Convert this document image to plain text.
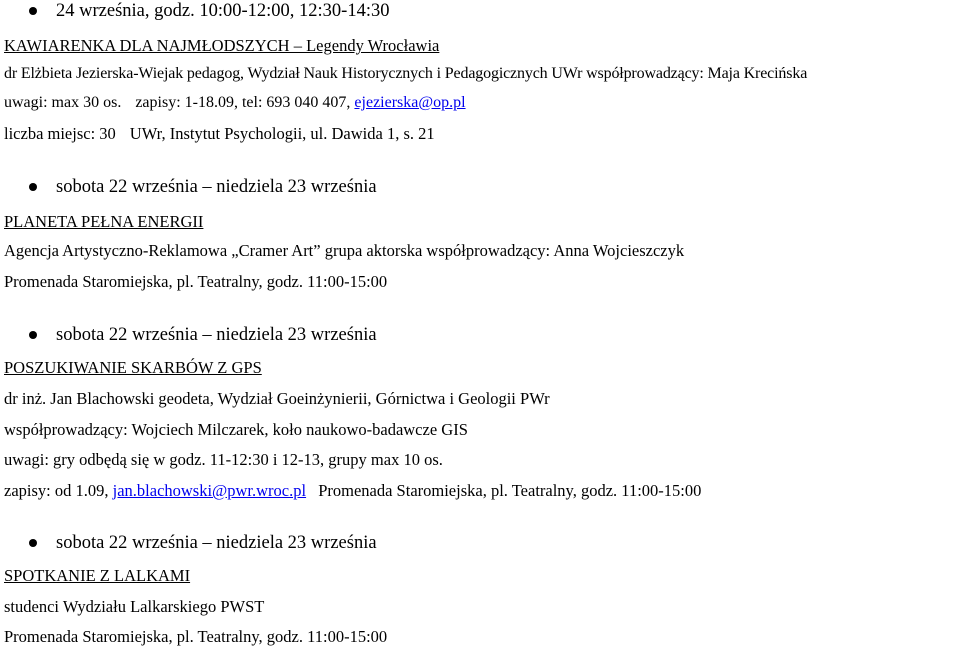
24 września, godz. 10:00-12:00, 12:30-14:30
KAWIARENKA DLA NAJMŁODSZYCH – Legendy Wrocławia
dr Elżbieta Jezierska-Wiejak pedagog, Wydział Nauk Historycznych i Pedagogicznych UWr współprowadzący: Maja Krecińska
uwagi: max 30 os. zapisy: 1-18.09, tel: 693 040 407, ejezierska@op.pl
liczba miejsc: 30 UWr, Instytut Psychologii, ul. Dawida 1, s. 21
sobota 22 września – niedziela 23 września
PLANETA PEŁNA ENERGII
Agencja Artystyczno-Reklamowa „Cramer Art” grupa aktorska współprowadzący: Anna Wojcieszczyk
Promenada Staromiejska, pl. Teatralny, godz. 11:00-15:00
sobota 22 września – niedziela 23 września
POSZUKIWANIE SKARBÓW Z GPS
dr inż. Jan Blachowski geodeta, Wydział Goeinżynierii, Górnictwa i Geologii PWr
współprowadzący: Wojciech Milczarek, koło naukowo-badawcze GIS
uwagi: gry odbędą się w godz. 11-12:30 i 12-13, grupy max 10 os.
zapisy: od 1.09, jan.blachowski@pwr.wroc.pl Promenada Staromiejska, pl. Teatralny, godz. 11:00-15:00
sobota 22 września – niedziela 23 września
SPOTKANIE Z LALKAMI
studenci Wydziału Lalkarskiego PWST
Promenada Staromiejska, pl. Teatralny, godz. 11:00-15:00
